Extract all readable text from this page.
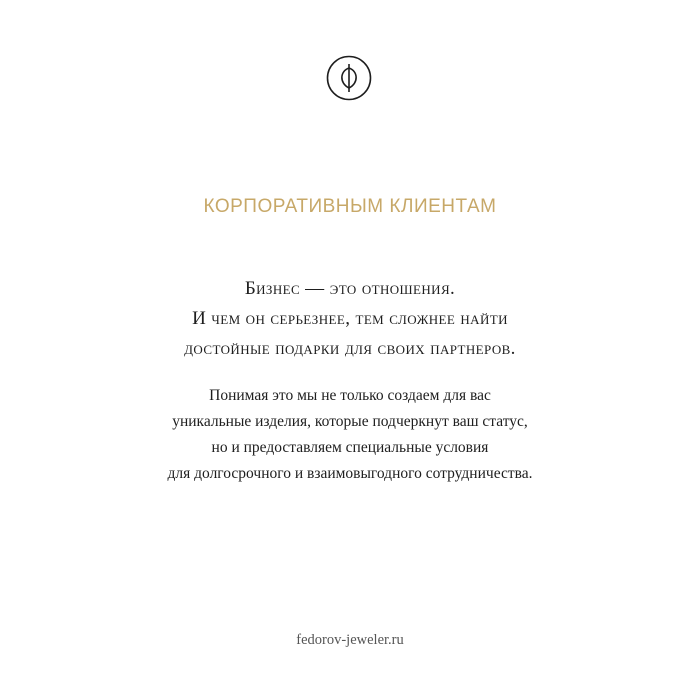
КОРПОРАТИВНЫМ КЛИЕНТАМ
Бизнес — это отношения.
И чем он серьезнее, тем сложнее найти
достойные подарки для своих партнеров.
Понимая это мы не только создаем для вас
уникальные изделия, которые подчеркнут ваш статус,
но и предоставляем специальные условия
для долгосрочного и взаимовыгодного сотрудничества.
fedorov-jeweler.ru
